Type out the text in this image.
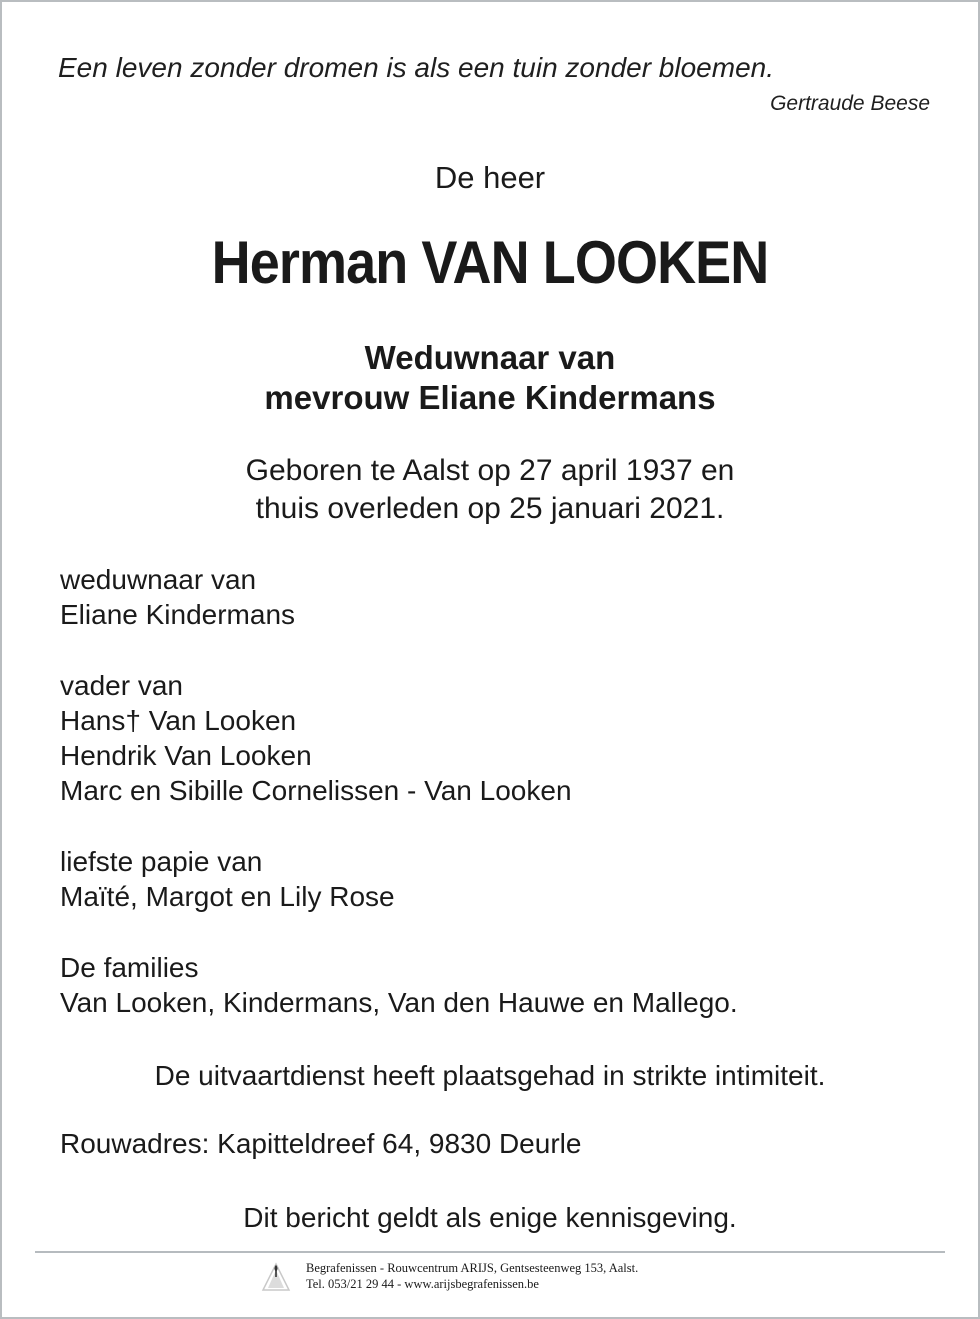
Een leven zonder dromen is als een tuin zonder bloemen.
Gertraude Beese
De heer
Herman VAN LOOKEN
Weduwnaar van
mevrouw Eliane Kindermans
Geboren te Aalst op 27 april 1937 en
thuis overleden op 25 januari 2021.
weduwnaar van
Eliane Kindermans
vader van
Hans† Van Looken
Hendrik Van Looken
Marc en Sibille Cornelissen - Van Looken
liefste papie van
Maïté, Margot en Lily Rose
De families
Van Looken, Kindermans, Van den Hauwe en Mallego.
De uitvaartdienst heeft plaatsgehad in strikte intimiteit.
Rouwadres: Kapitteldreef 64, 9830 Deurle
Dit bericht geldt als enige kennisgeving.
Begrafenissen - Rouwcentrum ARIJS, Gentsesteenweg 153, Aalst.
Tel. 053/21 29 44 - www.arijsbegrafenissen.be
